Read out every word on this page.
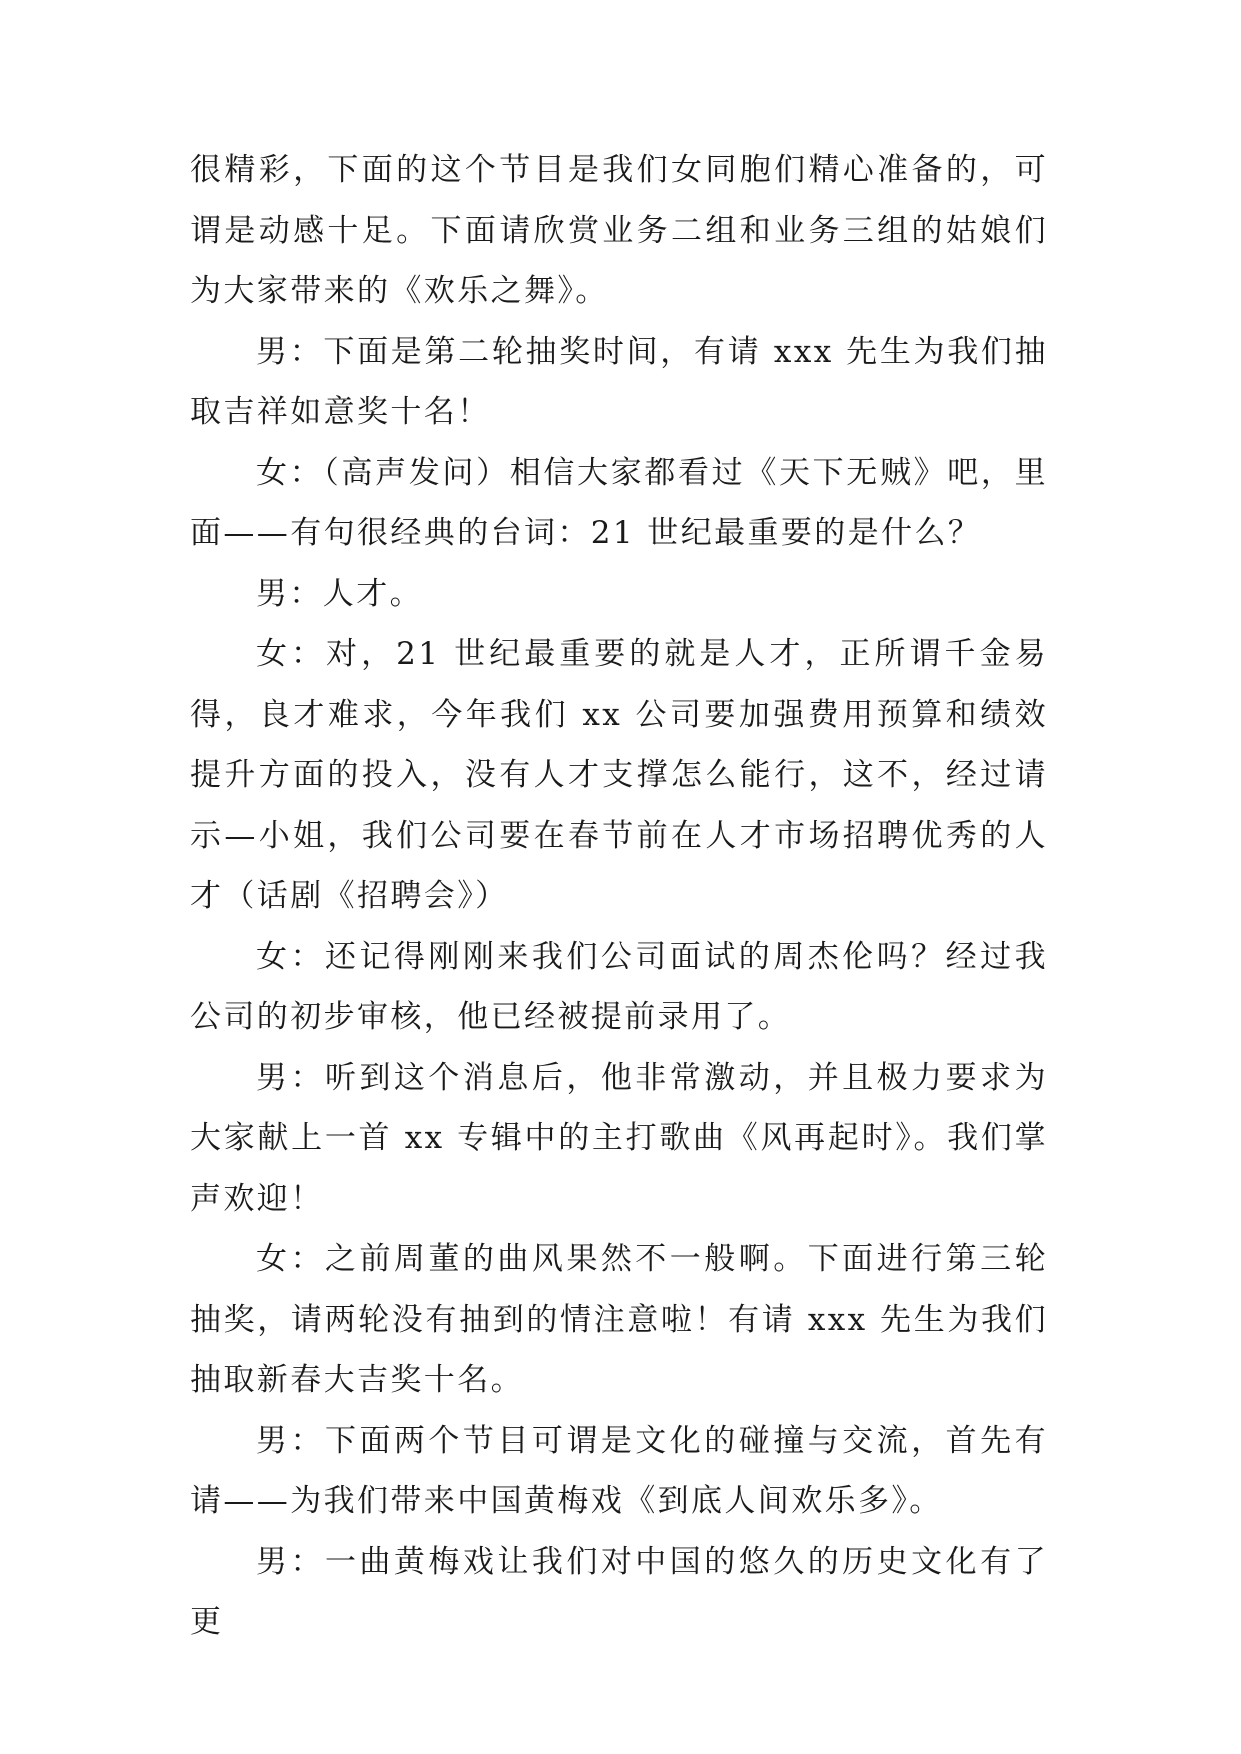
很精彩，下面的这个节目是我们女同胞们精心准备的，可谓是动感十足。下面请欣赏业务二组和业务三组的姑娘们为大家带来的《欢乐之舞》。

男：下面是第二轮抽奖时间，有请 xxx 先生为我们抽取吉祥如意奖十名！

女：（高声发问）相信大家都看过《天下无贼》吧，里面——有句很经典的台词：21 世纪最重要的是什么？

男：人才。

女：对，21 世纪最重要的就是人才，正所谓千金易得，良才难求，今年我们 xx 公司要加强费用预算和绩效提升方面的投入，没有人才支撑怎么能行，这不，经过请示—小姐，我们公司要在春节前在人才市场招聘优秀的人才（话剧《招聘会》）

女：还记得刚刚来我们公司面试的周杰伦吗？经过我公司的初步审核，他已经被提前录用了。

男：听到这个消息后，他非常激动，并且极力要求为大家献上一首 xx 专辑中的主打歌曲《风再起时》。我们掌声欢迎！

女：之前周董的曲风果然不一般啊。下面进行第三轮抽奖，请两轮没有抽到的情注意啦！有请 xxx 先生为我们抽取新春大吉奖十名。

男：下面两个节目可谓是文化的碰撞与交流，首先有请——为我们带来中国黄梅戏《到底人间欢乐多》。

男：一曲黄梅戏让我们对中国的悠久的历史文化有了更
